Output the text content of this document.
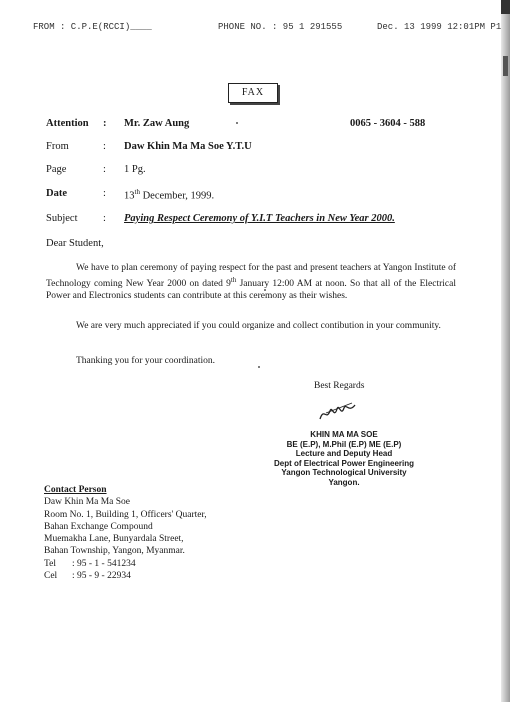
FROM : C.P.E(RCCI)____	PHONE NO. : 95 1 291555	Dec. 13 1999 12:01PM P1
FAX
Attention : Mr. Zaw Aung	0065 - 3604 - 588
From	: Daw Khin Ma Ma Soe Y.T.U
Page	: 1 Pg.
Date	: 13th December, 1999.
Subject : Paying Respect Ceremony of Y.I.T Teachers in New Year 2000.
Dear Student,
We have to plan ceremony of paying respect for the past and present teachers at Yangon Institute of Technology coming New Year 2000 on dated 9th January 12:00 AM at noon. So that all of the Electrical Power and Electronics students can contribute at this ceremony as their wishes.
We are very much appreciated if you could organize and collect contibution in your community.
Thanking you for your coordination.
Best Regards
KHIN MA MA SOE
BE (E.P), M.Phil (E.P) ME (E.P)
Lecture and Deputy Head
Dept of Electrical Power Engineering
Yangon Technological University
Yangon.
Contact Person
Daw Khin Ma Ma Soe
Room No. 1, Building 1, Officers' Quarter,
Bahan Exchange Compound
Muemakha Lane, Bunyardala Street,
Bahan Township, Yangon, Myanmar.
Tel : 95 - 1 - 541234
Cel : 95 - 9 - 22934
